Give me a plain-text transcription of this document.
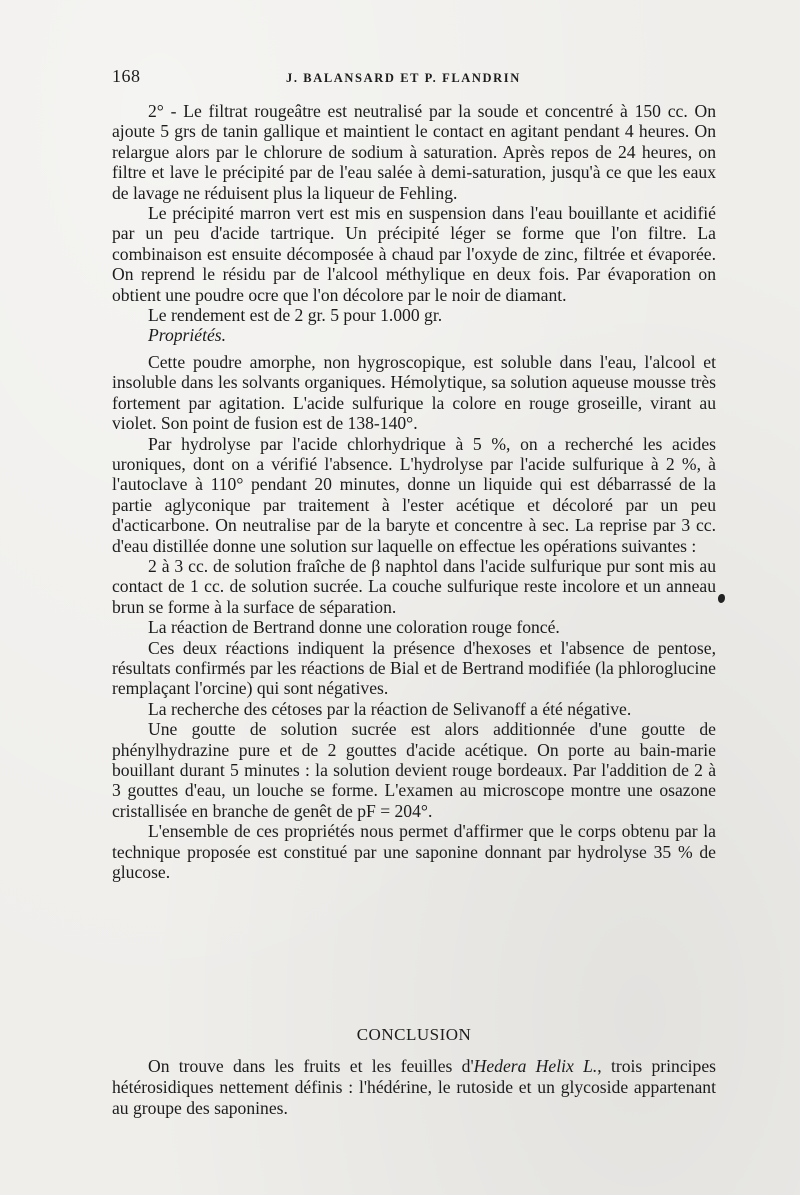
168	J. BALANSARD ET P. FLANDRIN

2° - Le filtrat rougeâtre est neutralisé par la soude et concentré à 150 cc. On ajoute 5 grs de tanin gallique et maintient le contact en agitant pendant 4 heures. On relargue alors par le chlorure de sodium à saturation. Après repos de 24 heures, on filtre et lave le précipité par de l'eau salée à demi-saturation, jusqu'à ce que les eaux de lavage ne réduisent plus la liqueur de Fehling.

Le précipité marron vert est mis en suspension dans l'eau bouillante et acidifié par un peu d'acide tartrique. Un précipité léger se forme que l'on filtre. La combinaison est ensuite décomposée à chaud par l'oxyde de zinc, filtrée et évaporée. On reprend le résidu par de l'alcool méthylique en deux fois. Par évaporation on obtient une poudre ocre que l'on décolore par le noir de diamant.

Le rendement est de 2 gr. 5 pour 1.000 gr.

Propriétés.

Cette poudre amorphe, non hygroscopique, est soluble dans l'eau, l'alcool et insoluble dans les solvants organiques. Hémolytique, sa solution aqueuse mousse très fortement par agitation. L'acide sulfurique la colore en rouge groseille, virant au violet. Son point de fusion est de 138-140°.

Par hydrolyse par l'acide chlorhydrique à 5 %, on a recherché les acides uroniques, dont on a vérifié l'absence. L'hydrolyse par l'acide sulfurique à 2 %, à l'autoclave à 110° pendant 20 minutes, donne un liquide qui est débarrassé de la partie aglyconique par traitement à l'ester acétique et décoloré par un peu d'acticarbone. On neutralise par de la baryte et concentre à sec. La reprise par 3 cc. d'eau distillée donne une solution sur laquelle on effectue les opérations suivantes :

2 à 3 cc. de solution fraîche de β naphtol dans l'acide sulfurique pur sont mis au contact de 1 cc. de solution sucrée. La couche sulfurique reste incolore et un anneau brun se forme à la surface de séparation.

La réaction de Bertrand donne une coloration rouge foncé.

Ces deux réactions indiquent la présence d'hexoses et l'absence de pentose, résultats confirmés par les réactions de Bial et de Bertrand modifiée (la phloroglucine remplaçant l'orcine) qui sont négatives.

La recherche des cétoses par la réaction de Selivanoff a été négative.

Une goutte de solution sucrée est alors additionnée d'une goutte de phénylhydrazine pure et de 2 gouttes d'acide acétique. On porte au bain-marie bouillant durant 5 minutes : la solution devient rouge bordeaux. Par l'addition de 2 à 3 gouttes d'eau, un louche se forme. L'examen au microscope montre une osazone cristallisée en branche de genêt de pF = 204°.

L'ensemble de ces propriétés nous permet d'affirmer que le corps obtenu par la technique proposée est constitué par une saponine donnant par hydrolyse 35 % de glucose.

CONCLUSION

On trouve dans les fruits et les feuilles d'Hedera Helix L., trois principes hétérosidiques nettement définis : l'hédérine, le rutoside et un glycoside appartenant au groupe des saponines.
